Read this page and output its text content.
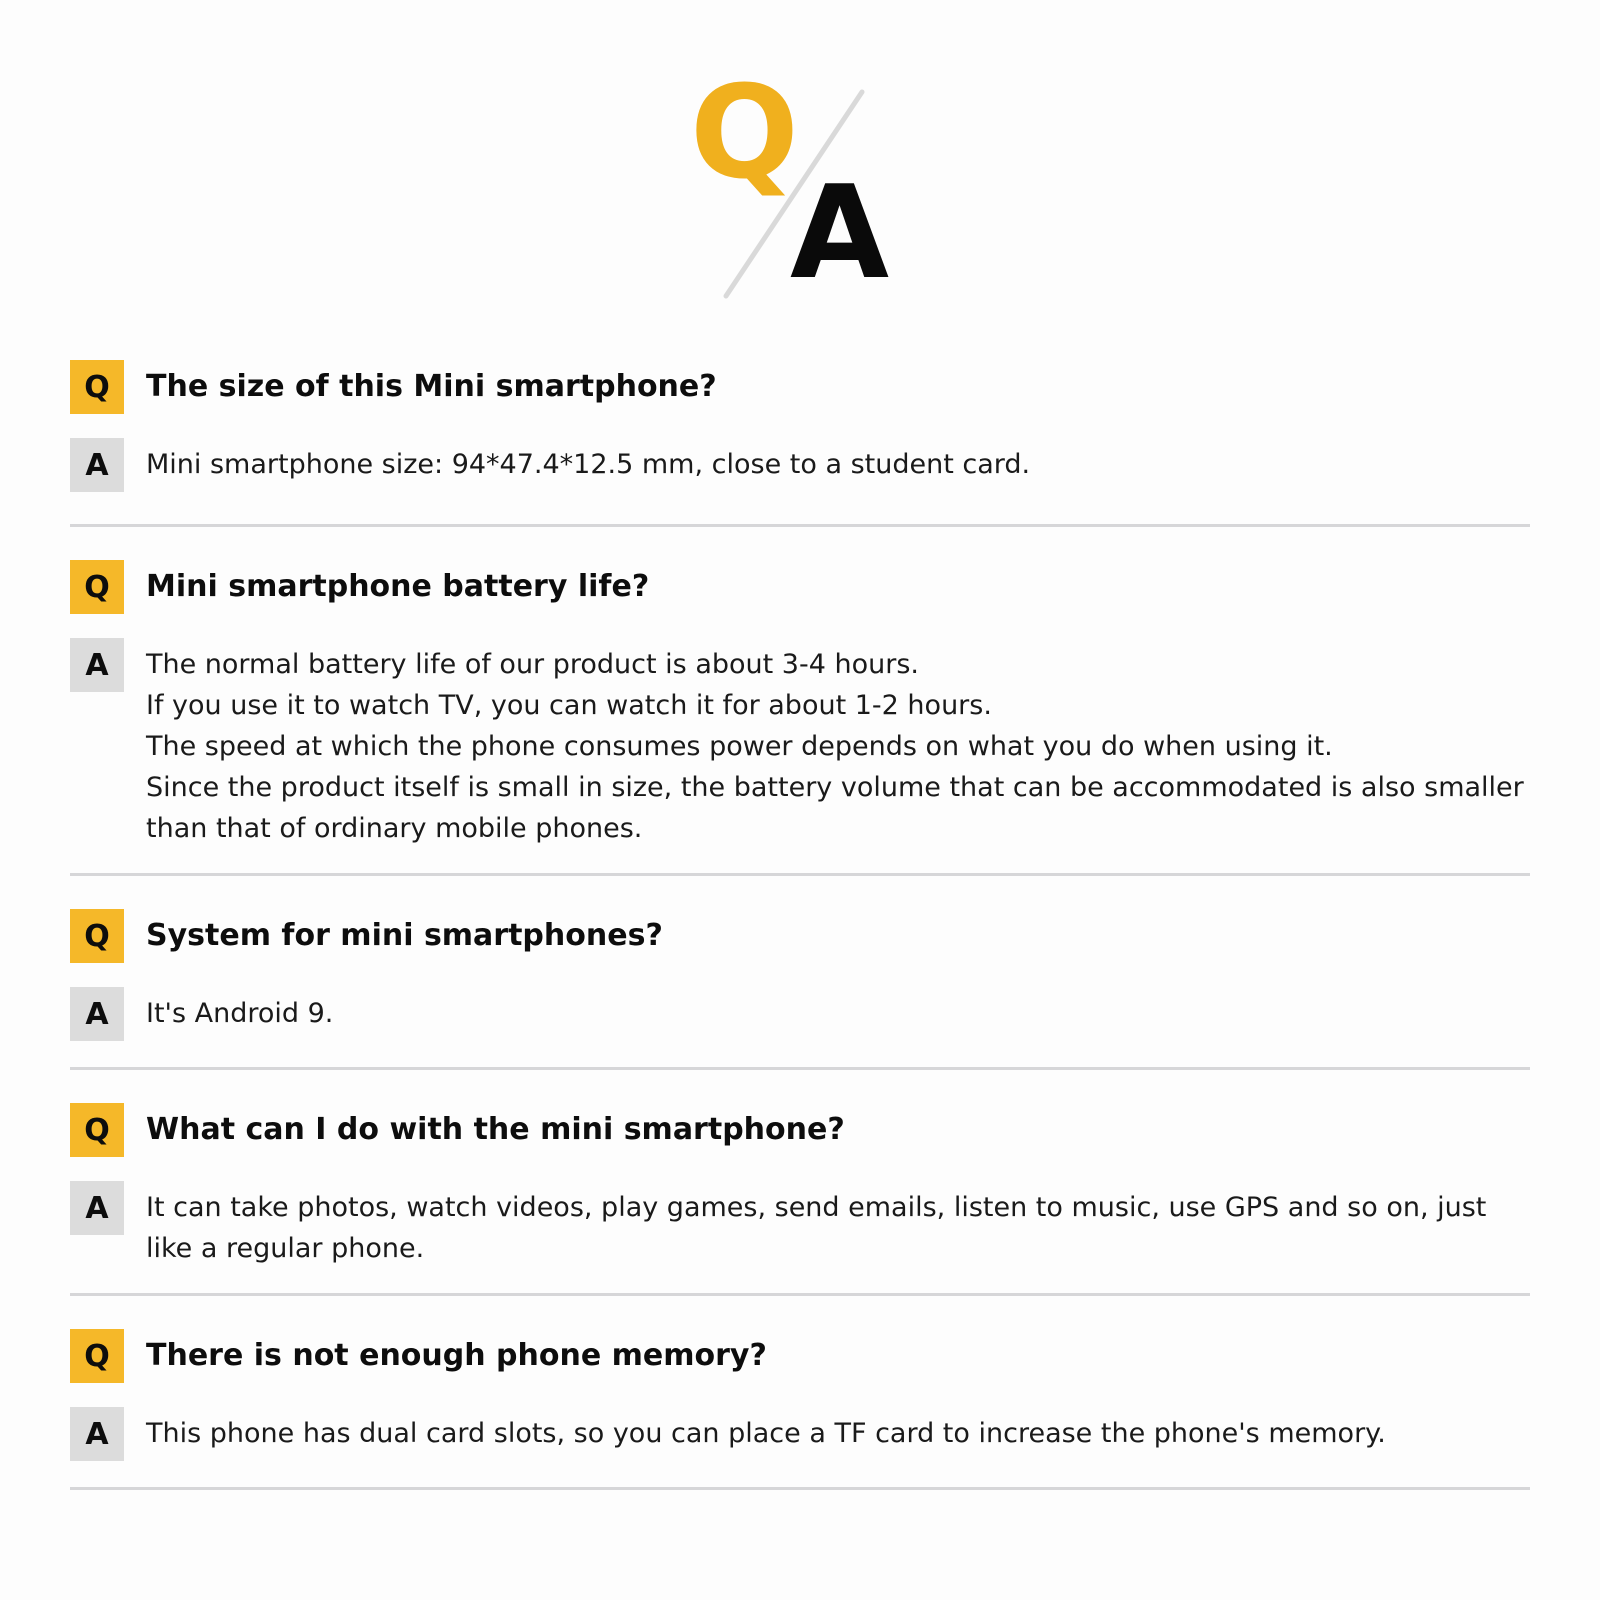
Q
A
Q	The size of this Mini smartphone?
A	Mini smartphone size: 94*47.4*12.5 mm, close to a student card.
Q	Mini smartphone battery life?
A	The normal battery life of our product is about 3-4 hours.
If you use it to watch TV, you can watch it for about 1-2 hours.
The speed at which the phone consumes power depends on what you do when using it.
Since the product itself is small in size, the battery volume that can be accommodated is also smaller
than that of ordinary mobile phones.
Q	System for mini smartphones?
A	It's Android 9.
Q	What can I do with the mini smartphone?
A	It can take photos, watch videos, play games, send emails, listen to music, use GPS and so on, just
like a regular phone.
Q	There is not enough phone memory?
A	This phone has dual card slots, so you can place a TF card to increase the phone's memory.
